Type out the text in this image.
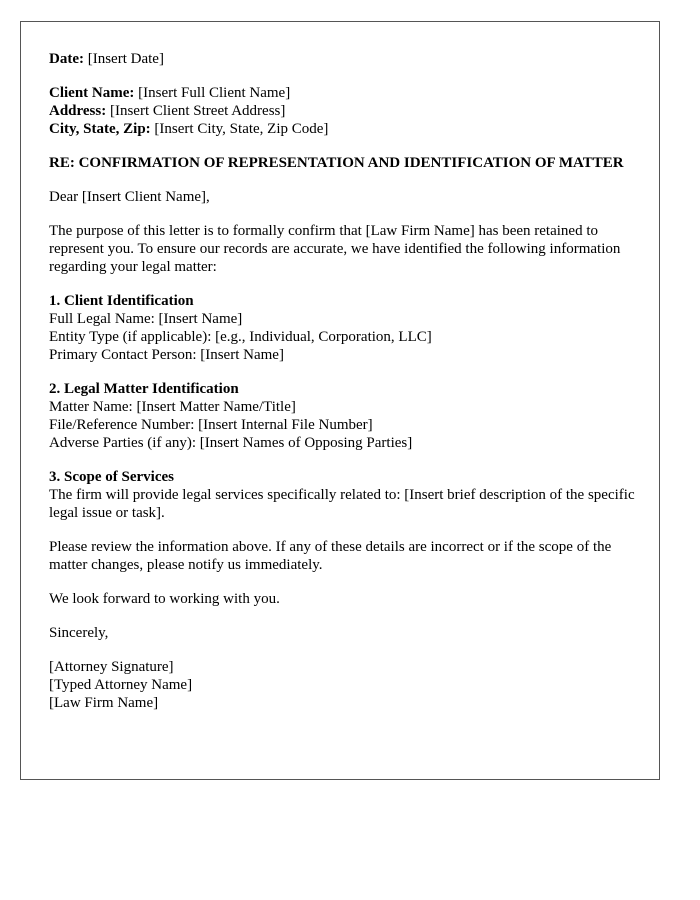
Date: [Insert Date]
Client Name: [Insert Full Client Name]
Address: [Insert Client Street Address]
City, State, Zip: [Insert City, State, Zip Code]
RE: CONFIRMATION OF REPRESENTATION AND IDENTIFICATION OF MATTER
Dear [Insert Client Name],
The purpose of this letter is to formally confirm that [Law Firm Name] has been retained to represent you. To ensure our records are accurate, we have identified the following information regarding your legal matter:
1. Client Identification
Full Legal Name: [Insert Name]
Entity Type (if applicable): [e.g., Individual, Corporation, LLC]
Primary Contact Person: [Insert Name]
2. Legal Matter Identification
Matter Name: [Insert Matter Name/Title]
File/Reference Number: [Insert Internal File Number]
Adverse Parties (if any): [Insert Names of Opposing Parties]
3. Scope of Services
The firm will provide legal services specifically related to: [Insert brief description of the specific legal issue or task].
Please review the information above. If any of these details are incorrect or if the scope of the matter changes, please notify us immediately.
We look forward to working with you.
Sincerely,
[Attorney Signature]
[Typed Attorney Name]
[Law Firm Name]
